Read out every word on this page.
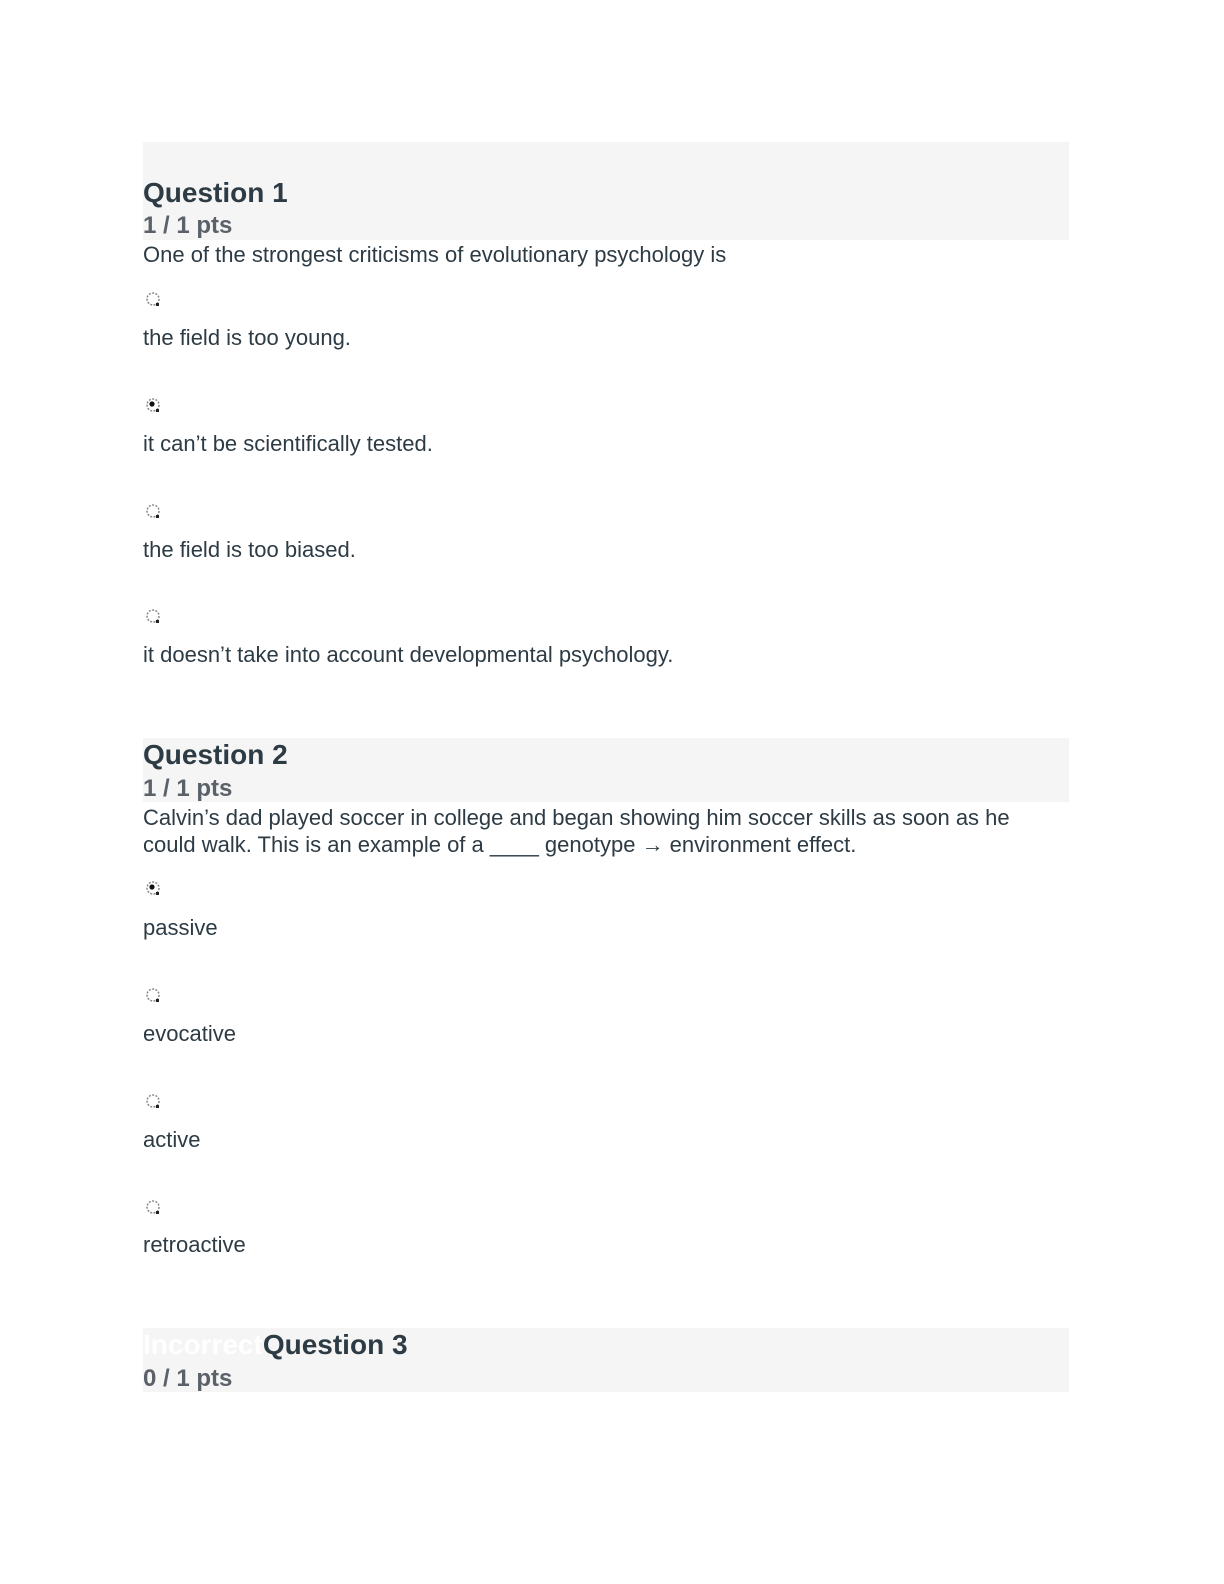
Question 1
1 / 1 pts
One of the strongest criticisms of evolutionary psychology is
the field is too young.
it can’t be scientifically tested.
the field is too biased.
it doesn’t take into account developmental psychology.
Question 2
1 / 1 pts
Calvin’s dad played soccer in college and began showing him soccer skills as soon as he could walk. This is an example of a ____ genotype → environment effect.
passive
evocative
active
retroactive
IncorrectQuestion 3
0 / 1 pts
